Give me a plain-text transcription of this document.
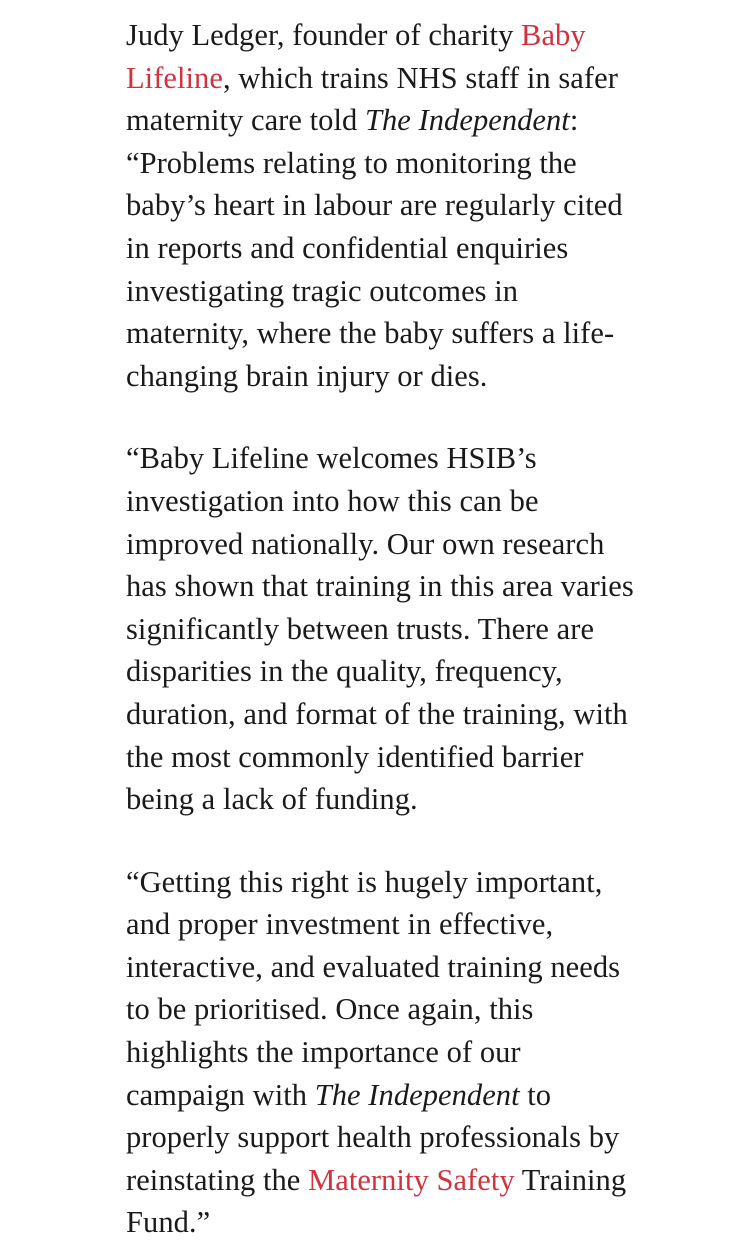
Judy Ledger, founder of charity Baby
Lifeline, which trains NHS staff in safer
maternity care told The Independent:
“Problems relating to monitoring the
baby’s heart in labour are regularly cited
in reports and confidential enquiries
investigating tragic outcomes in
maternity, where the baby suffers a life-
changing brain injury or dies.
“Baby Lifeline welcomes HSIB’s
investigation into how this can be
improved nationally. Our own research
has shown that training in this area varies
significantly between trusts. There are
disparities in the quality, frequency,
duration, and format of the training, with
the most commonly identified barrier
being a lack of funding.
“Getting this right is hugely important,
and proper investment in effective,
interactive, and evaluated training needs
to be prioritised. Once again, this
highlights the importance of our
campaign with The Independent to
properly support health professionals by
reinstating the Maternity Safety Training
Fund.”
